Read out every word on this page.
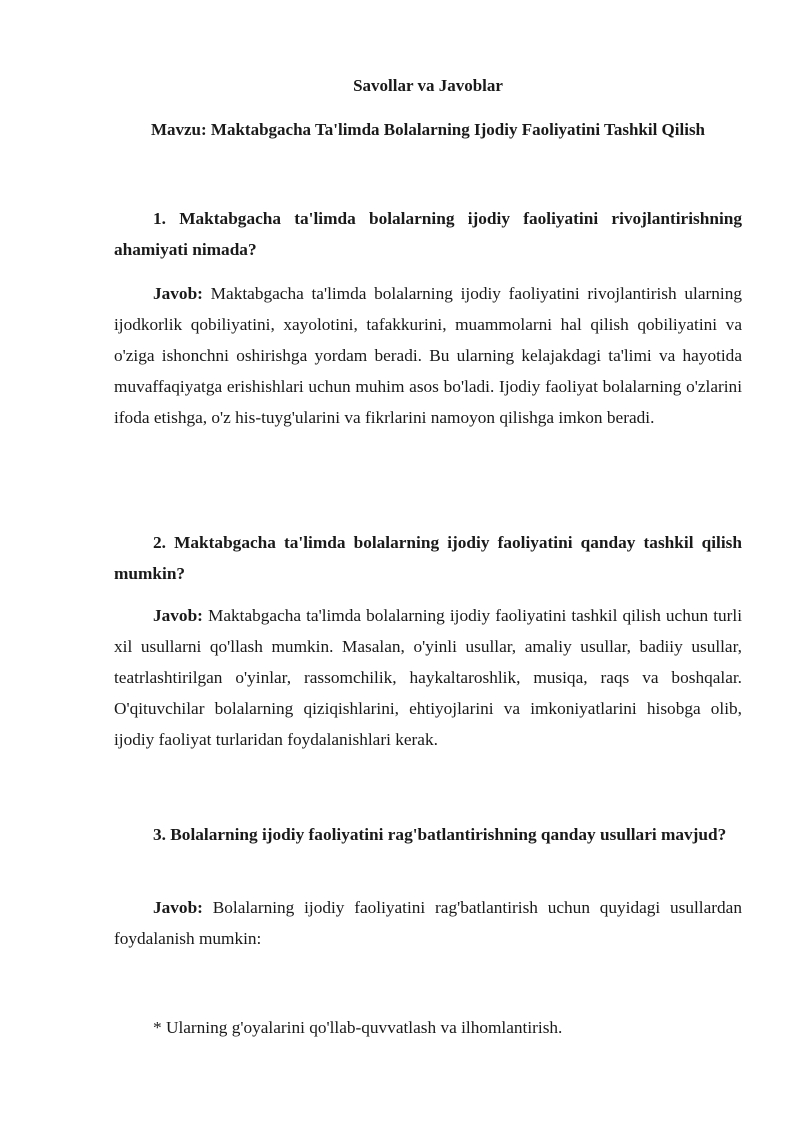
Savollar va Javoblar
Mavzu: Maktabgacha Ta'limda Bolalarning Ijodiy Faoliyatini Tashkil Qilish

1. Maktabgacha ta'limda bolalarning ijodiy faoliyatini rivojlantirishning ahamiyati nimada?

Javob: Maktabgacha ta'limda bolalarning ijodiy faoliyatini rivojlantirish ularning ijodkorlik qobiliyatini, xayolotini, tafakkurini, muammolarni hal qilish qobiliyatini va o'ziga ishonchni oshirishga yordam beradi. Bu ularning kelajakdagi ta'limi va hayotida muvaffaqiyatga erishishlari uchun muhim asos bo'ladi. Ijodiy faoliyat bolalarning o'zlarini ifoda etishga, o'z his-tuyg'ularini va fikrlarini namoyon qilishga imkon beradi.

2. Maktabgacha ta'limda bolalarning ijodiy faoliyatini qanday tashkil qilish mumkin?

Javob: Maktabgacha ta'limda bolalarning ijodiy faoliyatini tashkil qilish uchun turli xil usullarni qo'llash mumkin. Masalan, o'yinli usullar, amaliy usullar, badiiy usullar, teatrlashtirilgan o'yinlar, rassomchilik, haykaltaroshlik, musiqa, raqs va boshqalar. O'qituvchilar bolalarning qiziqishlarini, ehtiyojlarini va imkoniyatlarini hisobga olib, ijodiy faoliyat turlaridan foydalanishlari kerak.

3. Bolalarning ijodiy faoliyatini rag'batlantirishning qanday usullari mavjud?

Javob: Bolalarning ijodiy faoliyatini rag'batlantirish uchun quyidagi usullardan foydalanish mumkin:

* Ularning g'oyalarini qo'llab-quvvatlash va ilhomlantirish.
